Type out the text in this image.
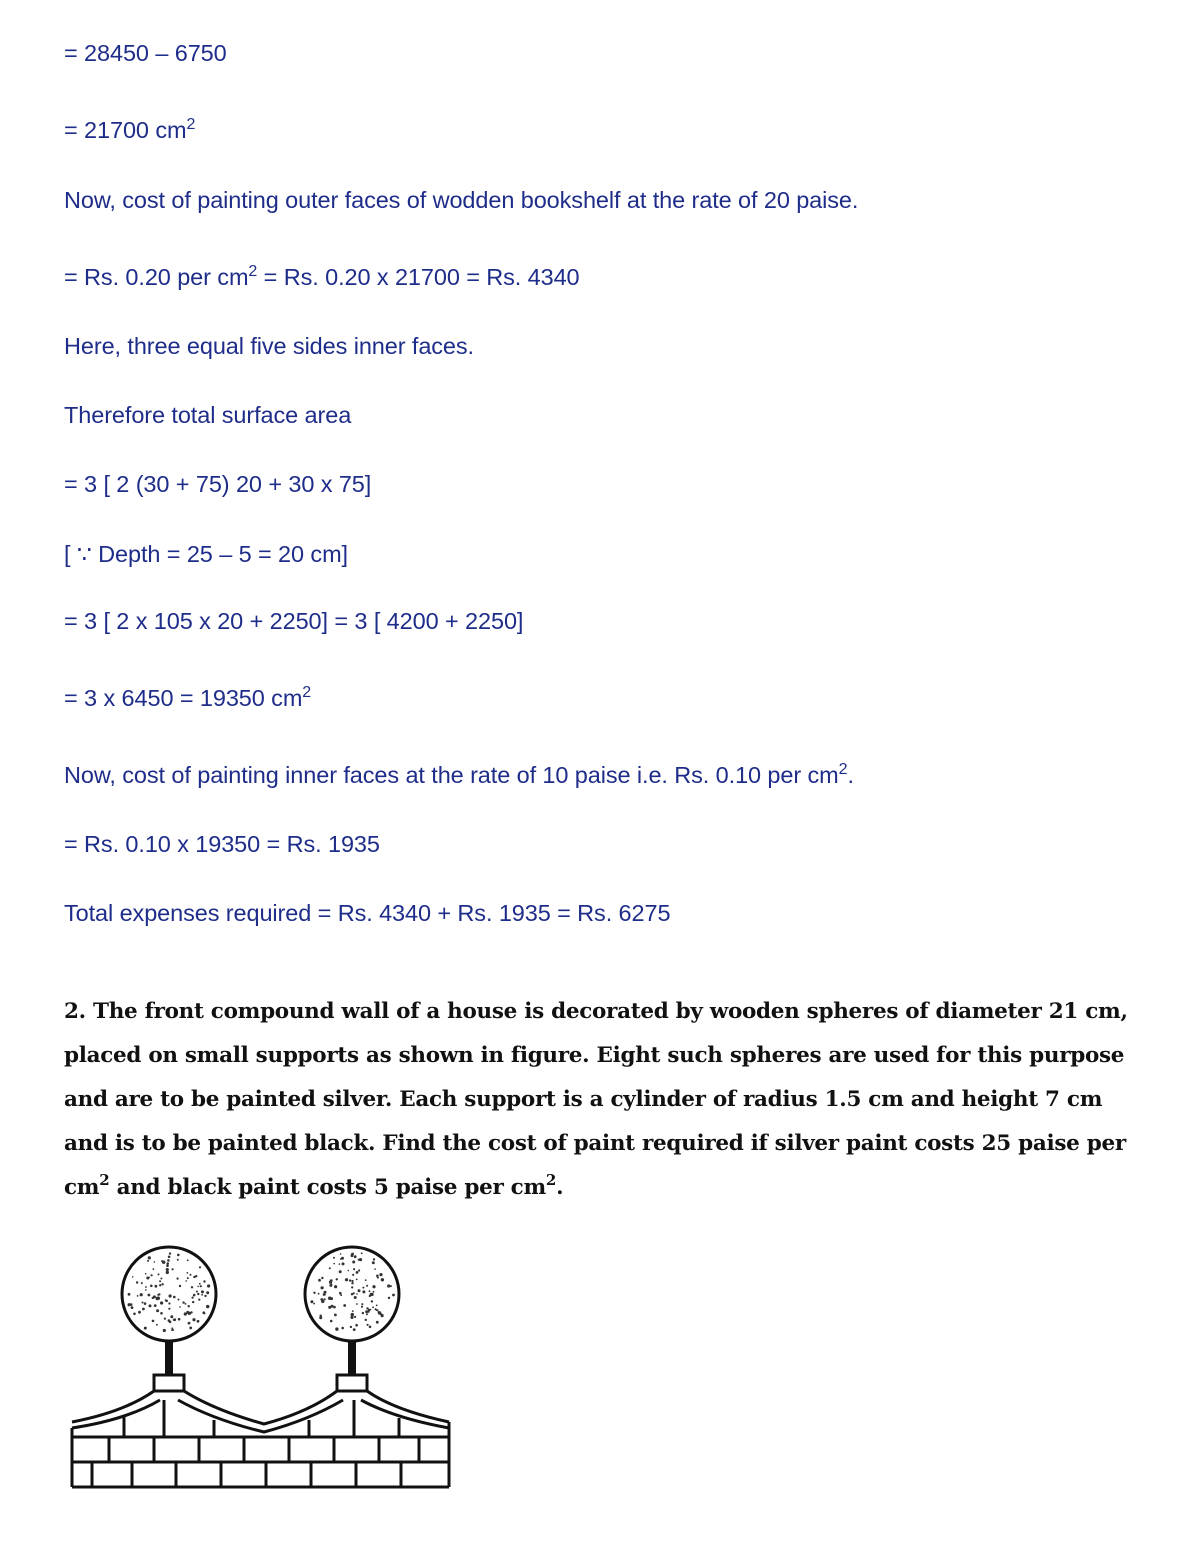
= 28450 – 6750
= 21700 $cm^2$
Now, cost of painting outer faces of wodden bookshelf at the rate of 20 paise.
= Rs. 0.20 per $cm^2 = Rs$. 0.20 x 21700 = Rs. 4340
Here, three equal five sides inner faces.
Therefore total surface area
= 3 [ 2 (30 + 75) 20 + 30 x 75]
[ ∵ Depth = 25 – 5 = 20 cm]
= 3 [ 2 x 105 x 20 + 2250] = 3 [ 4200 + 2250]
= 3 x 6450 = 19350 $cm^2$
Now, cost of painting inner faces at the rate of 10 paise i.e. Rs. 0.10 per $cm^2$.
= Rs. 0.10 x 19350 = Rs. 1935
Total expenses required = Rs. 4340 + Rs. 1935 = Rs. 6275
2. The front compound wall of a house is decorated by wooden spheres of diameter 21 cm, placed on small supports as shown in figure. Eight such spheres are used for this purpose and are to be painted silver. Each support is a cylinder of radius 1.5 cm and height 7 cm and is to be painted black. Find the cost of paint required if silver paint costs 25 paise per $cm^2$ and black paint costs 5 paise per $cm^2$.
